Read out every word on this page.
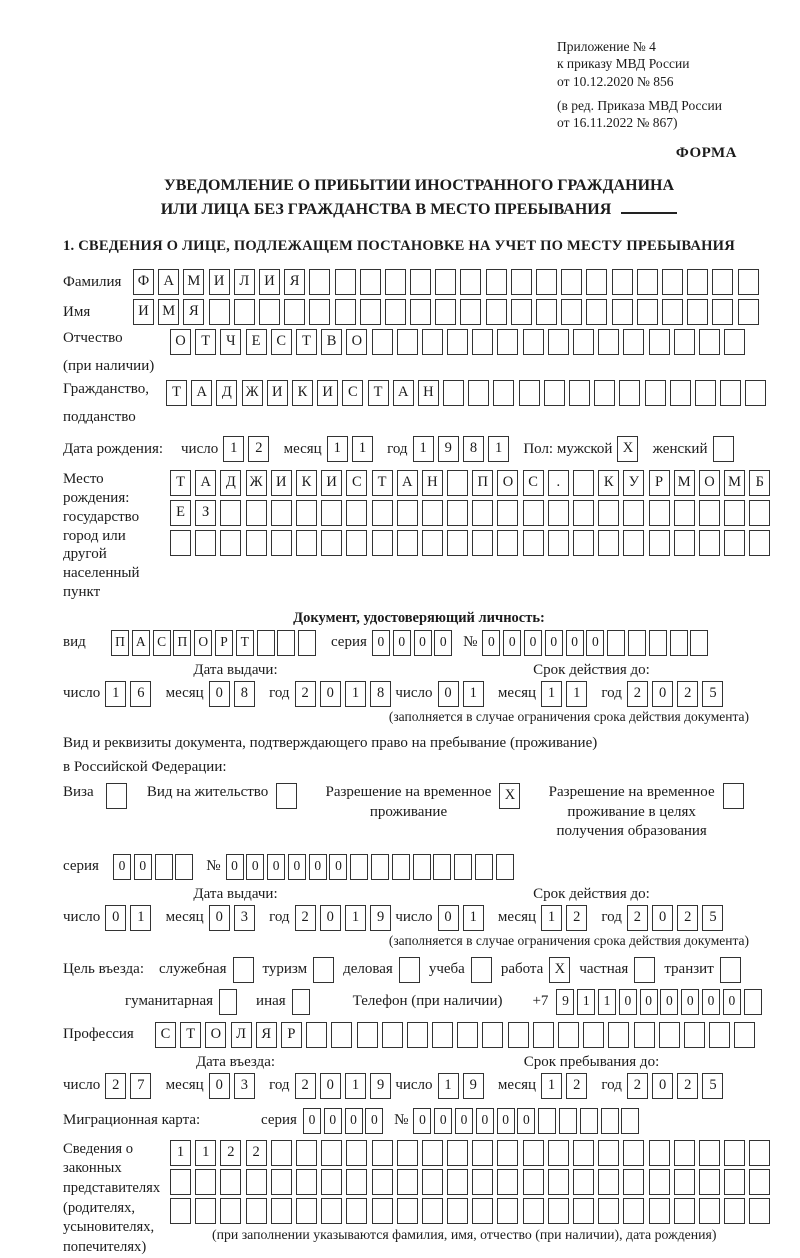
Приложение № 4
к приказу МВД России
от 10.12.2020 № 856
(в ред. Приказа МВД России
от 16.11.2022 № 867)
ФОРМА
УВЕДОМЛЕНИЕ О ПРИБЫТИИ ИНОСТРАННОГО ГРАЖДАНИНА
ИЛИ ЛИЦА БЕЗ ГРАЖДАНСТВА В МЕСТО ПРЕБЫВАНИЯ
1. СВЕДЕНИЯ О ЛИЦЕ, ПОДЛЕЖАЩЕМ ПОСТАНОВКЕ НА УЧЕТ ПО МЕСТУ ПРЕБЫВАНИЯ
Фамилия	Ф А М И	Л	И	Я
Имя	И М Я
Отчество
(при наличии)
О	Т	Ч	Е	С	Т	В	О
Гражданство,
подданство
Т	А	Д Ж И	К	И	С	Т	А	Н
Дата рождения:	число 1	2	месяц 1	1	год 1	9	8	1	Пол: мужской X	женский
Место рождения:
государство
город или другой
населенный пункт
Т	А	Д Ж И	К	И	С	Т	А	Н	П	О	С	.	К	У	Р	М О М	Б
Е	З
Документ, удостоверяющий личность:
вид	П А С П О Р Т	серия 0	0	0	0	№ 0	0	0	0	0	0
Дата выдачи:	Срок действия до:
число 1	6	месяц 0	8	год 2	0	1	8 число 0	1	месяц 1	1	год 2	0	2	5
(заполняется в случае ограничения срока действия документа)
Вид и реквизиты документа, подтверждающего право на пребывание (проживание)
в Российской Федерации:
Виза	Вид на жительство	Разрешение на временное
проживание
X	Разрешение на временное
проживание в целях
получения образования
серия	0	0	№ 0	0	0	0	0	0
Дата выдачи:	Срок действия до:
число 0	1	месяц 0	3	год 2	0	1	9 число 0	1	месяц 1	2	год 2	0	2	5
(заполняется в случае ограничения срока действия документа)
Цель въезда:	служебная туризм деловая учеба работа X частная транзит
гуманитарная	иная	Телефон (при наличии) +7	9	1	1	0	0	0	0	0	0
Профессия	С	Т	О	Л	Я	Р
Дата въезда:	Срок пребывания до:
число 2	7	месяц 0	3	год 2	0	1	9 число 1	9	месяц 1	2	год 2	0	2	5
Миграционная карта:	серия 0	0	0	0	№ 0	0	0	0	0	0
Сведения о
законных
представителях
(родителях,
усыновителях,
попечителях)
1	1	2	2
(при заполнении указываются фамилия, имя, отчество (при наличии), дата рождения)
